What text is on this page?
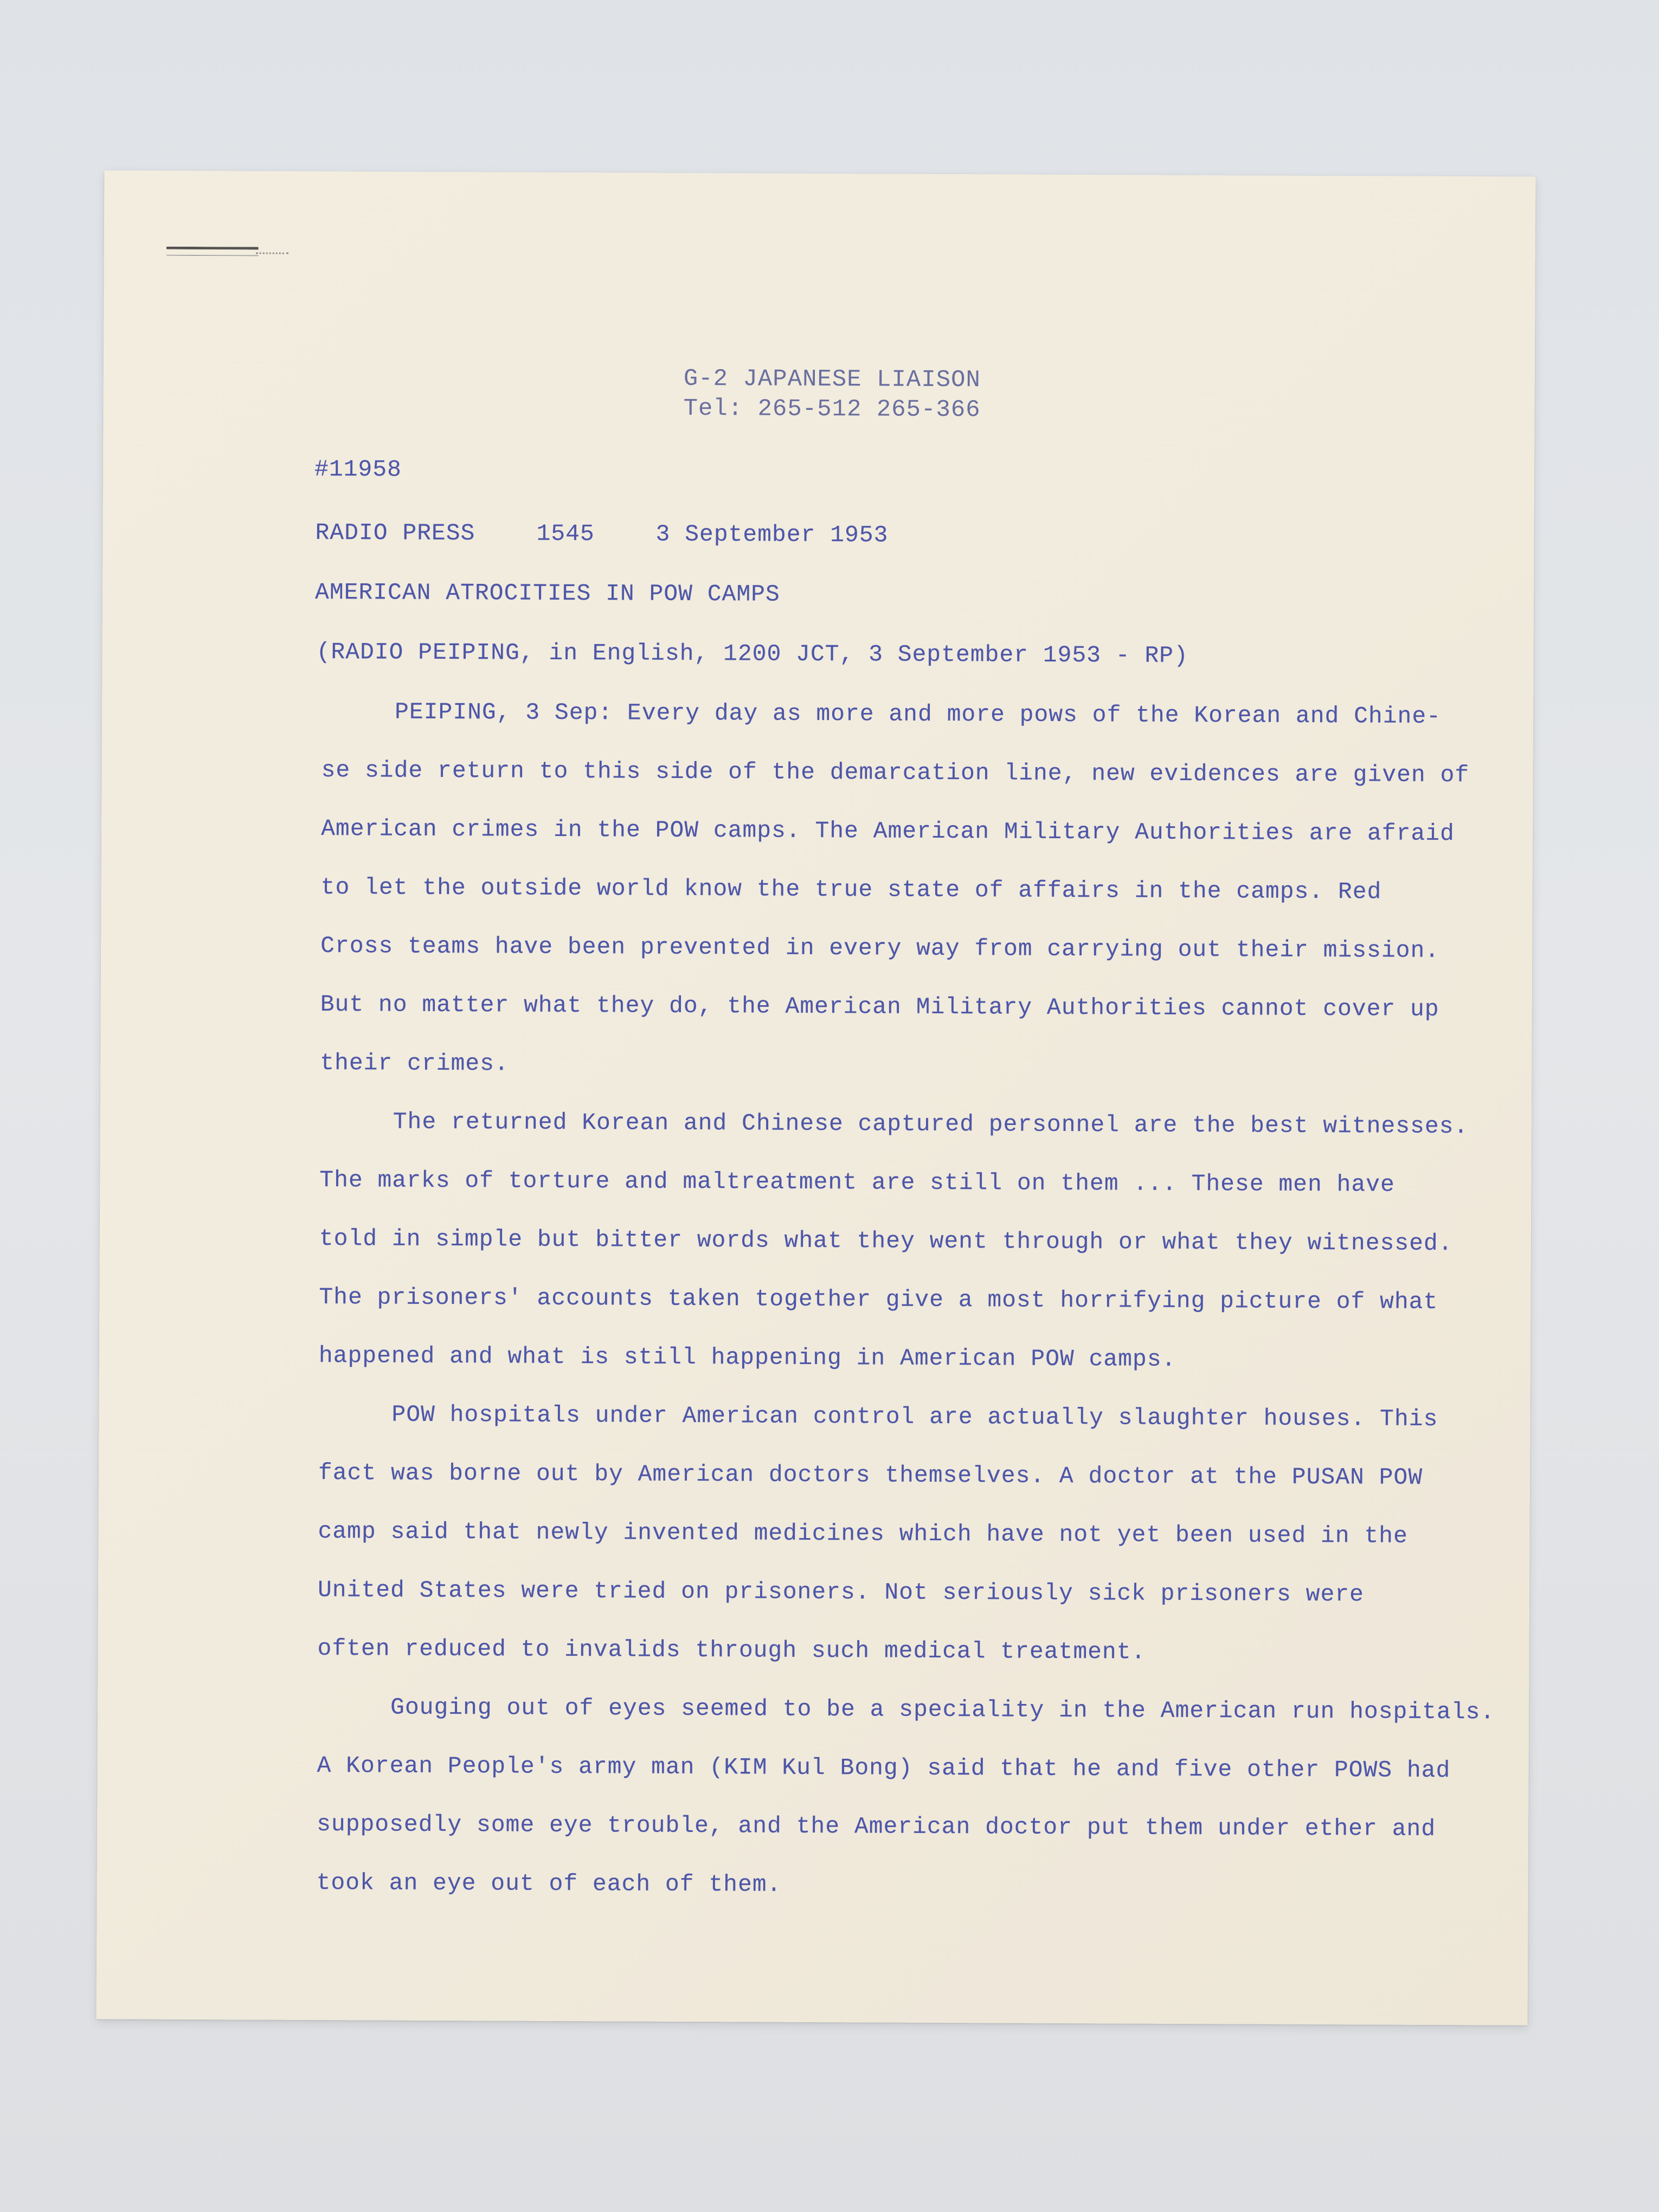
G-2 JAPANESE LIAISON
Tel: 265-512 265-366
#11958
RADIO PRESS	1545	3 September 1953
AMERICAN ATROCITIES IN POW CAMPS
(RADIO PEIPING, in English, 1200 JCT, 3 September 1953 - RP)
PEIPING, 3 Sep: Every day as more and more pows of the Korean and Chine-
se side return to this side of the demarcation line, new evidences are given of
American crimes in the POW camps. The American Military Authorities are afraid
to let the outside world know the true state of affairs in the camps. Red
Cross teams have been prevented in every way from carrying out their mission.
But no matter what they do, the American Military Authorities cannot cover up
their crimes.
The returned Korean and Chinese captured personnel are the best witnesses.
The marks of torture and maltreatment are still on them ... These men have
told in simple but bitter words what they went through or what they witnessed.
The prisoners' accounts taken together give a most horrifying picture of what
happened and what is still happening in American POW camps.
POW hospitals under American control are actually slaughter houses. This
fact was borne out by American doctors themselves. A doctor at the PUSAN POW
camp said that newly invented medicines which have not yet been used in the
United States were tried on prisoners. Not seriously sick prisoners were
often reduced to invalids through such medical treatment.
Gouging out of eyes seemed to be a speciality in the American run hospitals.
A Korean People's army man (KIM Kul Bong) said that he and five other POWS had
supposedly some eye trouble, and the American doctor put them under ether and
took an eye out of each of them.
